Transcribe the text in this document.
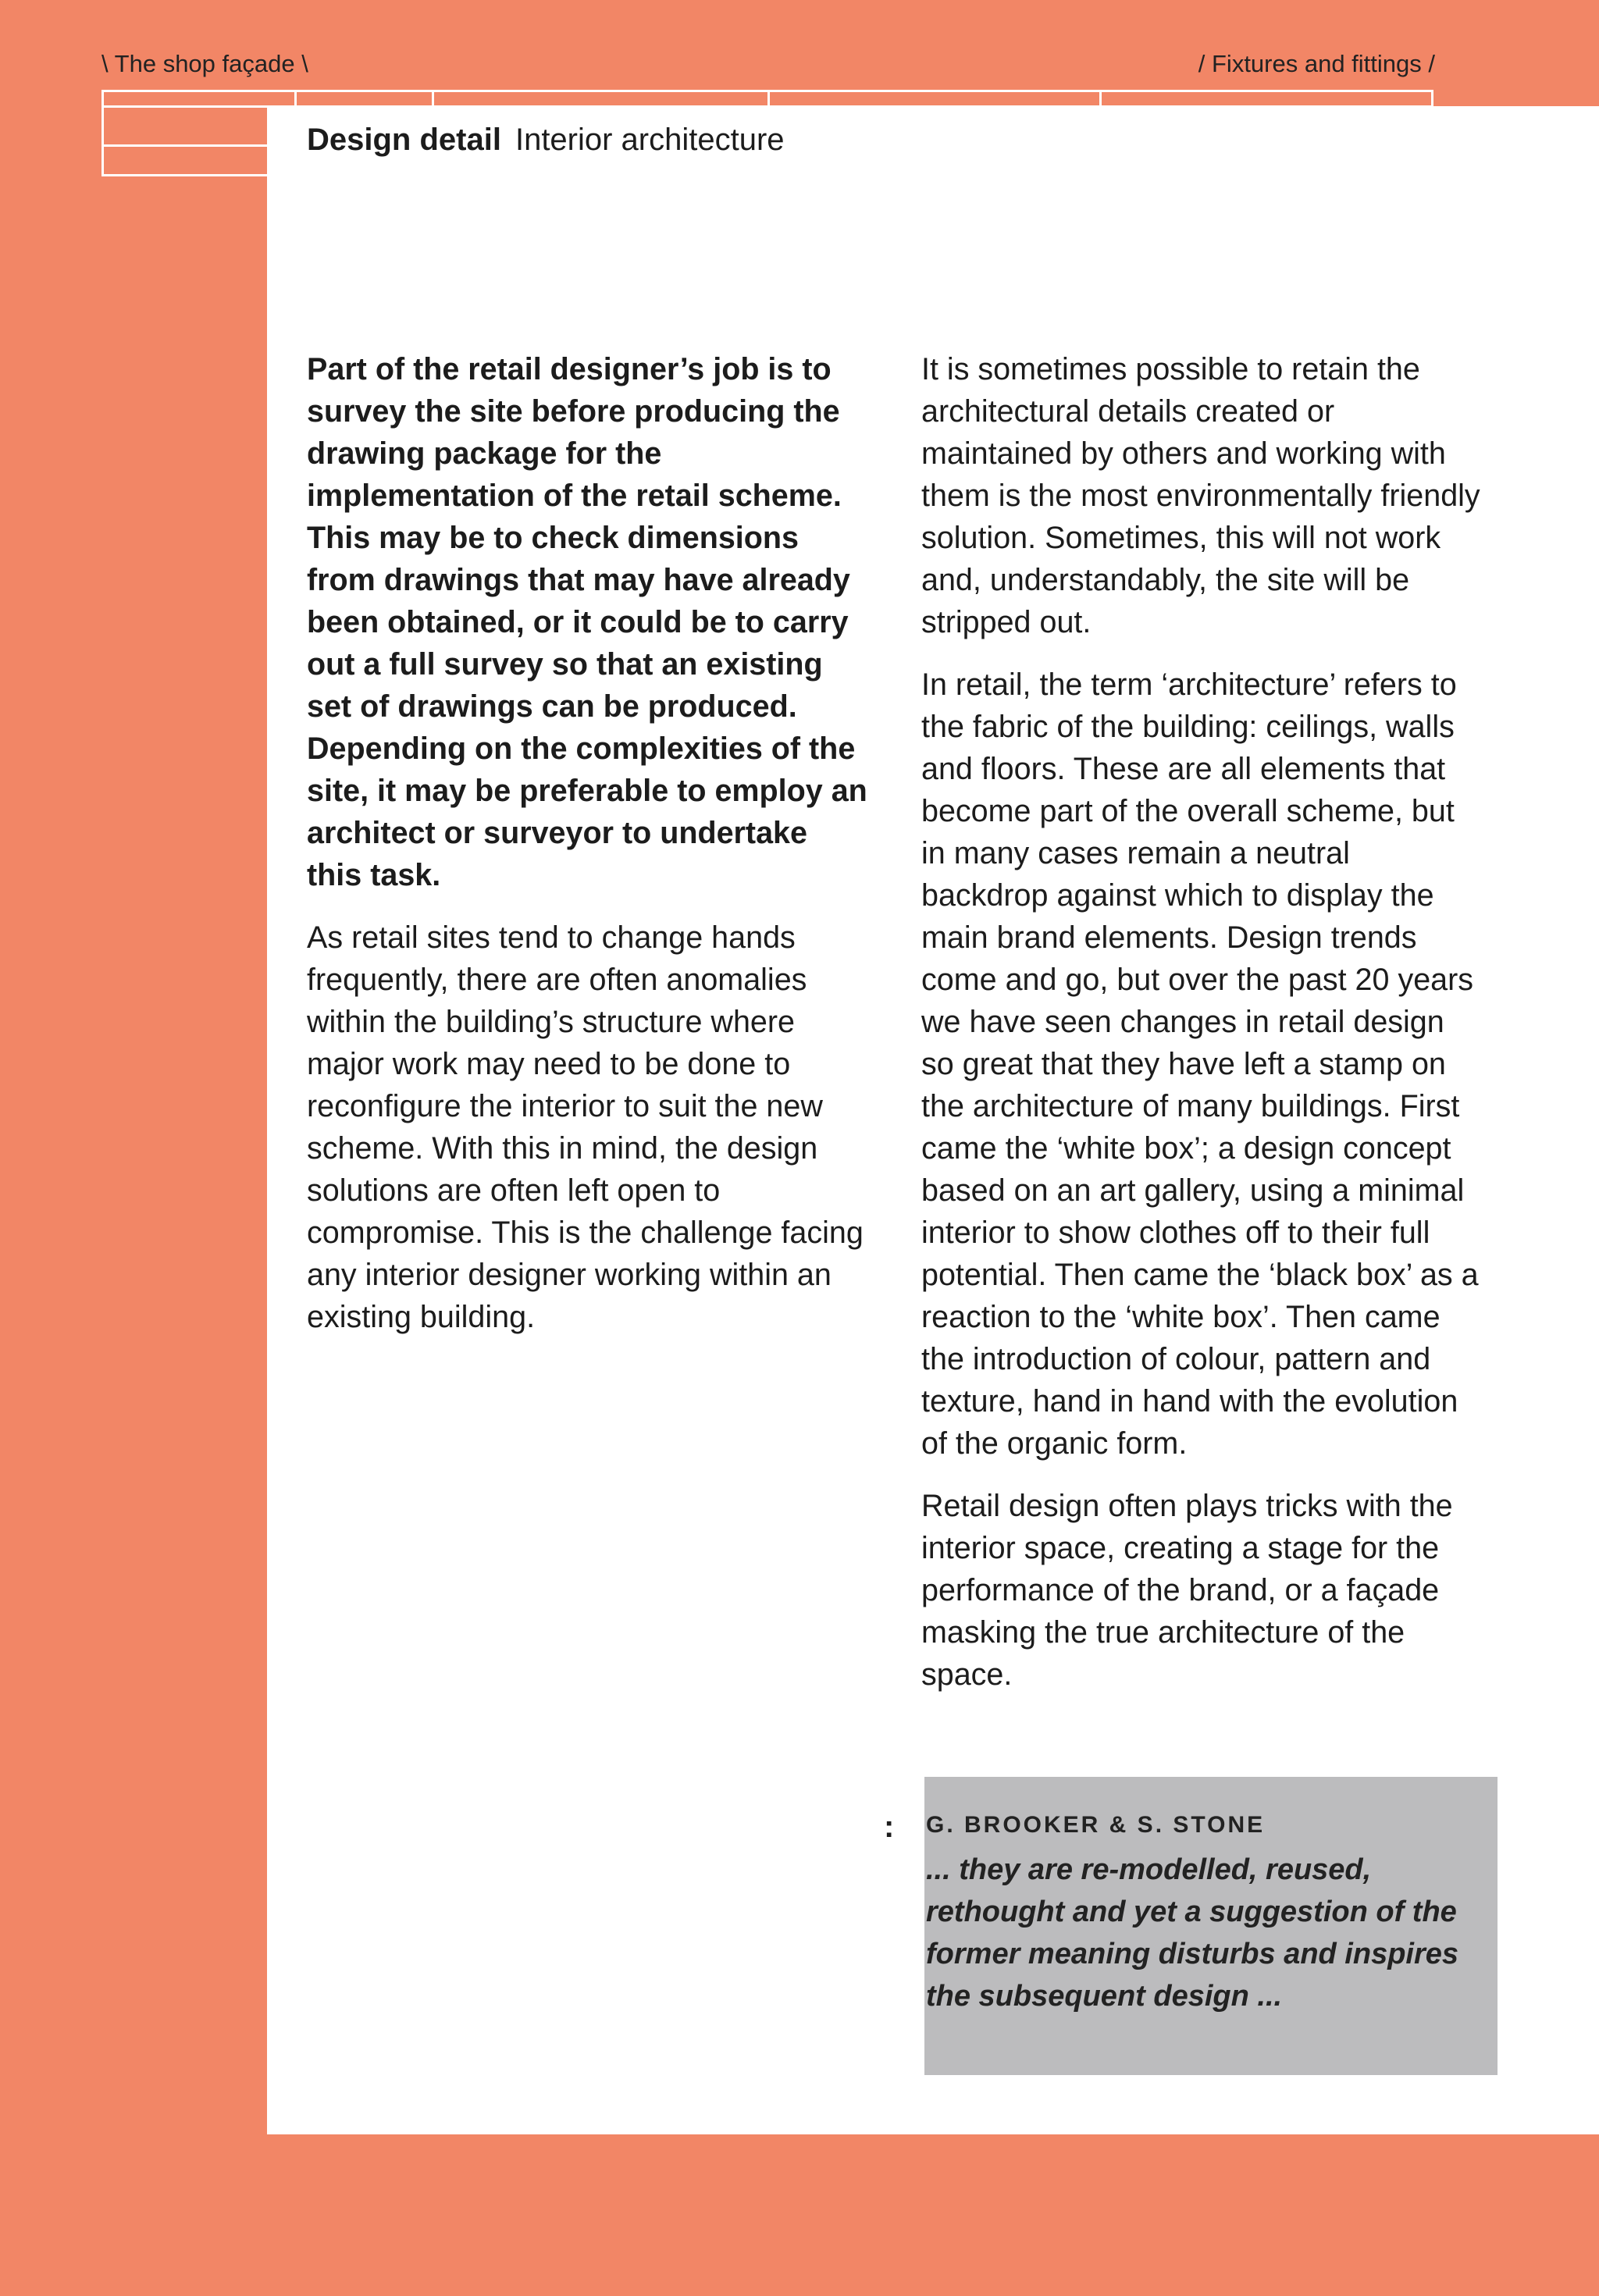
\ The shop façade \	/ Fixtures and fittings /
Design detail Interior architecture

Part of the retail designer’s job is to survey the site before producing the drawing package for the implementation of the retail scheme. This may be to check dimensions from drawings that may have already been obtained, or it could be to carry out a full survey so that an existing set of drawings can be produced. Depending on the complexities of the site, it may be preferable to employ an architect or surveyor to undertake this task.

As retail sites tend to change hands frequently, there are often anomalies within the building’s structure where major work may need to be done to reconfigure the interior to suit the new scheme. With this in mind, the design solutions are often left open to compromise. This is the challenge facing any interior designer working within an existing building.

It is sometimes possible to retain the architectural details created or maintained by others and working with them is the most environmentally friendly solution. Sometimes, this will not work and, understandably, the site will be stripped out.

In retail, the term ‘architecture’ refers to the fabric of the building: ceilings, walls and floors. These are all elements that become part of the overall scheme, but in many cases remain a neutral backdrop against which to display the main brand elements. Design trends come and go, but over the past 20 years we have seen changes in retail design so great that they have left a stamp on the architecture of many buildings. First came the ‘white box’; a design concept based on an art gallery, using a minimal interior to show clothes off to their full potential. Then came the ‘black box’ as a reaction to the ‘white box’. Then came the introduction of colour, pattern and texture, hand in hand with the evolution of the organic form.

Retail design often plays tricks with the interior space, creating a stage for the performance of the brand, or a façade masking the true architecture of the space.

: G. BROOKER & S. STONE

... they are re-modelled, reused, rethought and yet a suggestion of the former meaning disturbs and inspires the subsequent design ...
